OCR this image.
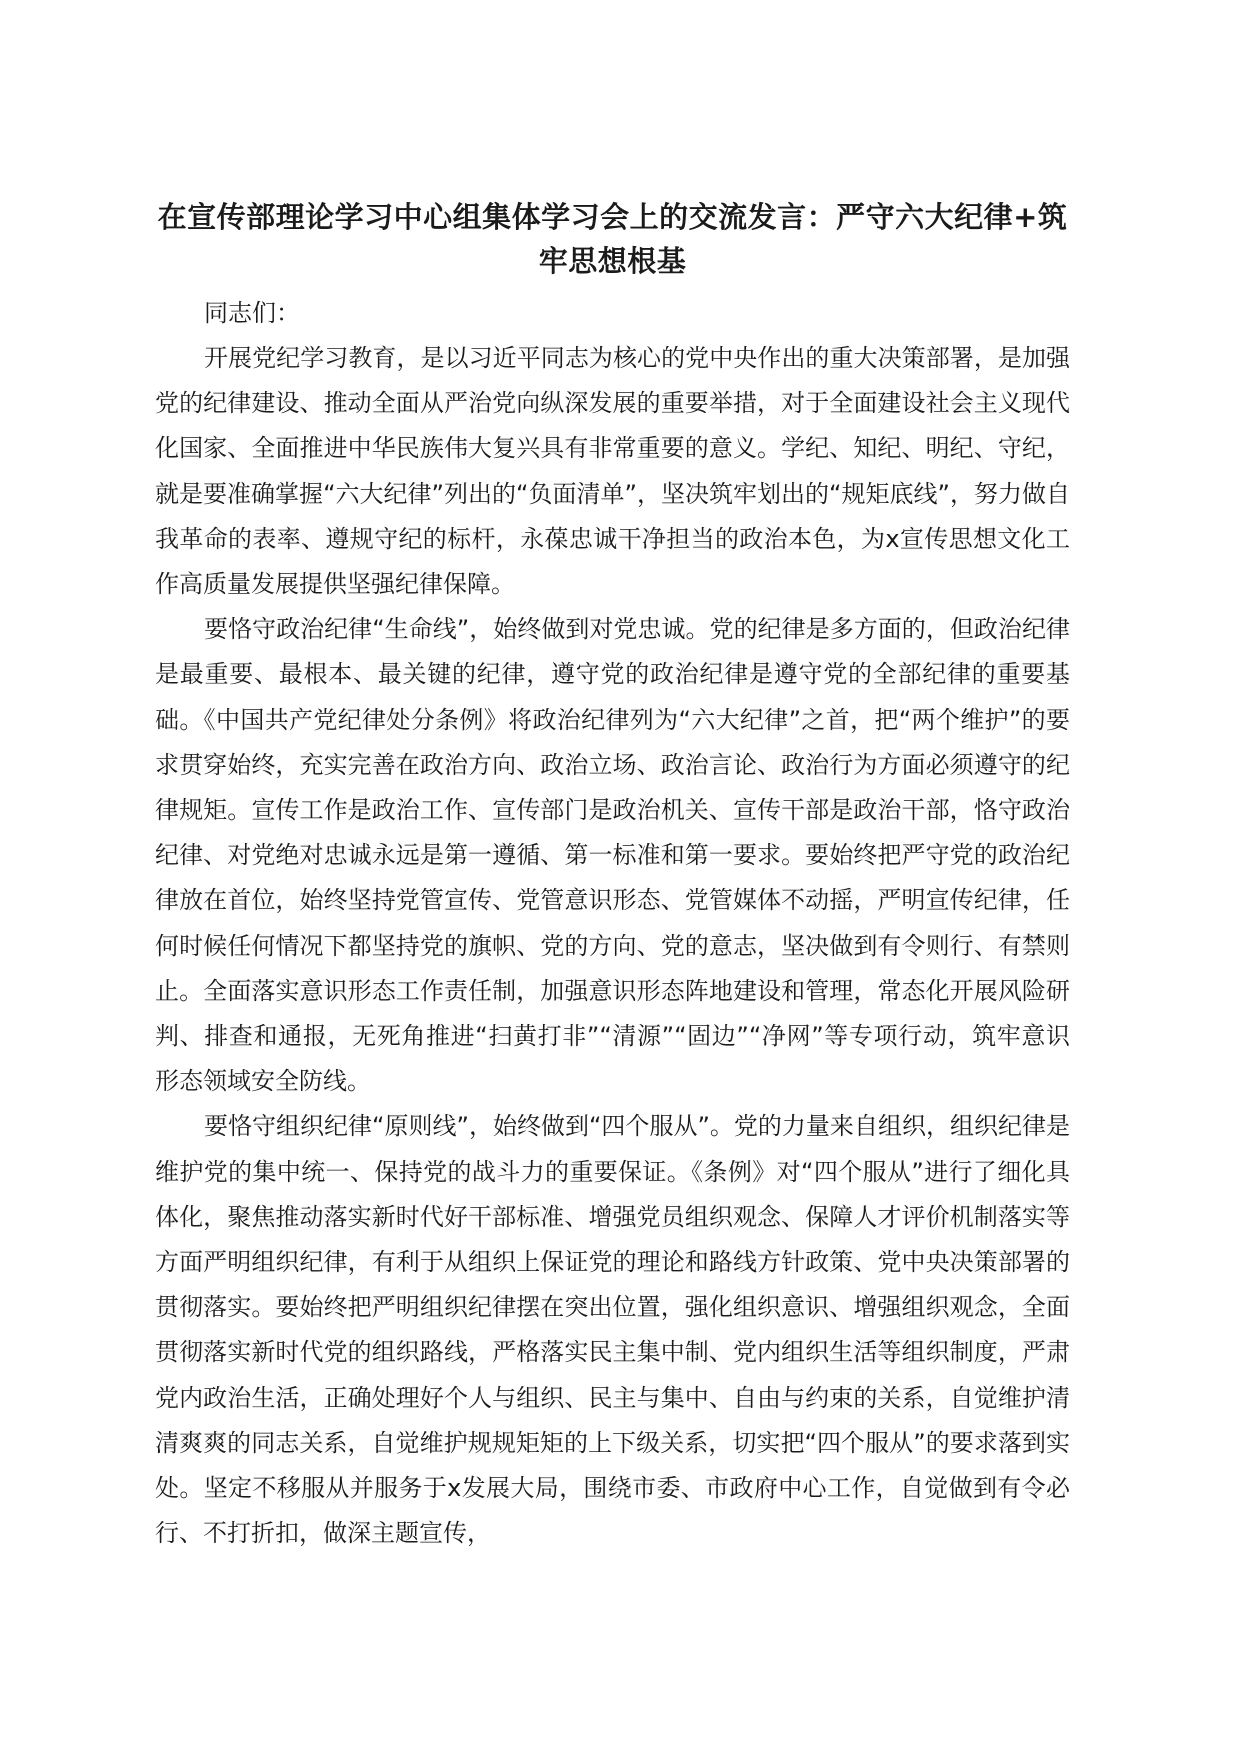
在宣传部理论学习中心组集体学习会上的交流发言：严守六大纪律+筑牢思想根基

同志们：

开展党纪学习教育，是以习近平同志为核心的党中央作出的重大决策部署，是加强党的纪律建设、推动全面从严治党向纵深发展的重要举措，对于全面建设社会主义现代化国家、全面推进中华民族伟大复兴具有非常重要的意义。学纪、知纪、明纪、守纪，就是要准确掌握“六大纪律”列出的“负面清单”，坚决筑牢划出的“规矩底线”，努力做自我革命的表率、遵规守纪的标杆，永葆忠诚干净担当的政治本色，为x宣传思想文化工作高质量发展提供坚强纪律保障。

要恪守政治纪律“生命线”，始终做到对党忠诚。党的纪律是多方面的，但政治纪律是最重要、最根本、最关键的纪律，遵守党的政治纪律是遵守党的全部纪律的重要基础。《中国共产党纪律处分条例》将政治纪律列为“六大纪律”之首，把“两个维护”的要求贯穿始终，充实完善在政治方向、政治立场、政治言论、政治行为方面必须遵守的纪律规矩。宣传工作是政治工作、宣传部门是政治机关、宣传干部是政治干部，恪守政治纪律、对党绝对忠诚永远是第一遵循、第一标准和第一要求。要始终把严守党的政治纪律放在首位，始终坚持党管宣传、党管意识形态、党管媒体不动摇，严明宣传纪律，任何时候任何情况下都坚持党的旗帜、党的方向、党的意志，坚决做到有令则行、有禁则止。全面落实意识形态工作责任制，加强意识形态阵地建设和管理，常态化开展风险研判、排查和通报，无死角推进“扫黄打非”“清源”“固边”“净网”等专项行动，筑牢意识形态领域安全防线。

要恪守组织纪律“原则线”，始终做到“四个服从”。党的力量来自组织，组织纪律是维护党的集中统一、保持党的战斗力的重要保证。《条例》对“四个服从”进行了细化具体化，聚焦推动落实新时代好干部标准、增强党员组织观念、保障人才评价机制落实等方面严明组织纪律，有利于从组织上保证党的理论和路线方针政策、党中央决策部署的贯彻落实。要始终把严明组织纪律摆在突出位置，强化组织意识、增强组织观念，全面贯彻落实新时代党的组织路线，严格落实民主集中制、党内组织生活等组织制度，严肃党内政治生活，正确处理好个人与组织、民主与集中、自由与约束的关系，自觉维护清清爽爽的同志关系，自觉维护规规矩矩的上下级关系，切实把“四个服从”的要求落到实处。坚定不移服从并服务于x发展大局，围绕市委、市政府中心工作，自觉做到有令必行、不打折扣，做深主题宣传，
